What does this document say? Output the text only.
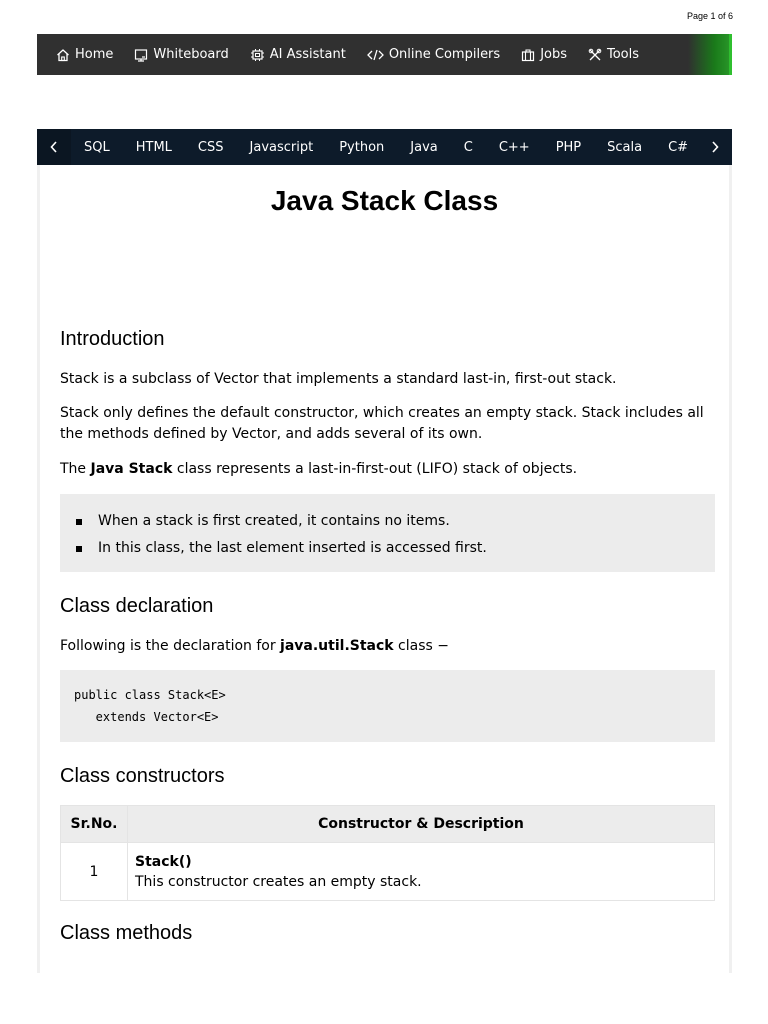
Page 1 of 6
Home	Whiteboard	AI Assistant	Online Compilers	Jobs	Tools
SQL	HTML	CSS	Javascript	Python	Java	C	C++	PHP	Scala	C#
Java Stack Class
Introduction

Stack is a subclass of Vector that implements a standard last-in, first-out stack.

Stack only defines the default constructor, which creates an empty stack. Stack includes all the methods defined by Vector, and adds several of its own.

The Java Stack class represents a last-in-first-out (LIFO) stack of objects.

When a stack is first created, it contains no items.
In this class, the last element inserted is accessed first.
Class declaration

Following is the declaration for java.util.Stack class −

public class Stack<E>
extends Vector<E>
Class constructors
Sr.No.	Constructor & Description
1	Stack()
This constructor creates an empty stack.
Class methods
